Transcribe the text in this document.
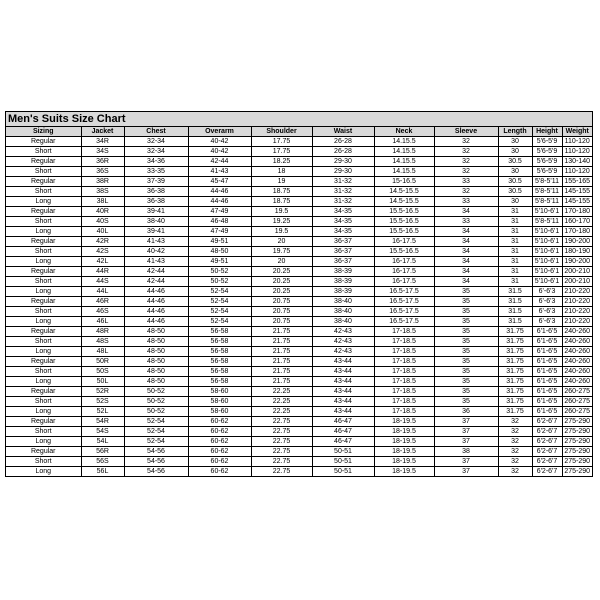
Men's Suits Size Chart
Sizing	Jacket	Chest	Overarm	Shoulder	Waist	Neck	Sleeve	Length	Height	Weight
Regular	34R	32-34	40-42	17.75	26-28	14.15.5	32	30	5'6-5'9	110-120
Short	34S	32-34	40-42	17.75	26-28	14.15.5	32	30	5'6-5'9	110-120
Regular	36R	34-36	42-44	18.25	29-30	14.15.5	32	30.5	5'6-5'9	130-140
Short	36S	33-35	41-43	18	29-30	14.15.5	32	30	5'6-5'9	110-120
Regular	38R	37-39	45-47	19	31-32	15-16.5	33	30.5	5'8-5'11	155-165
Short	38S	36-38	44-46	18.75	31-32	14.5-15.5	32	30.5	5'8-5'11	145-155
Long	38L	36-38	44-46	18.75	31-32	14.5-15.5	33	30	5'8-5'11	145-155
Regular	40R	39-41	47-49	19.5	34-35	15.5-16.5	34	31	5'10-6'1	170-180
Short	40S	38-40	46-48	19.25	34-35	15.5-16.5	33	31	5'8-5'11	160-170
Long	40L	39-41	47-49	19.5	34-35	15.5-16.5	34	31	5'10-6'1	170-180
Regular	42R	41-43	49-51	20	36-37	16-17.5	34	31	5'10-6'1	190-200
Short	42S	40-42	48-50	19.75	36-37	15.5-16.5	34	31	5'10-6'1	180-190
Long	42L	41-43	49-51	20	36-37	16-17.5	34	31	5'10-6'1	190-200
Regular	44R	42-44	50-52	20.25	38-39	16-17.5	34	31	5'10-6'1	200-210
Short	44S	42-44	50-52	20.25	38-39	16-17.5	34	31	5'10-6'1	200-210
Long	44L	44-46	52-54	20.25	38-39	16.5-17.5	35	31.5	6'-6'3	210-220
Regular	46R	44-46	52-54	20.75	38-40	16.5-17.5	35	31.5	6'-6'3	210-220
Short	46S	44-46	52-54	20.75	38-40	16.5-17.5	35	31.5	6'-6'3	210-220
Long	46L	44-46	52-54	20.75	38-40	16.5-17.5	35	31.5	6'-6'3	210-220
Regular	48R	48-50	56-58	21.75	42-43	17-18.5	35	31.75	6'1-6'5	240-260
Short	48S	48-50	56-58	21.75	42-43	17-18.5	35	31.75	6'1-6'5	240-260
Long	48L	48-50	56-58	21.75	42-43	17-18.5	35	31.75	6'1-6'5	240-260
Regular	50R	48-50	56-58	21.75	43-44	17-18.5	35	31.75	6'1-6'5	240-260
Short	50S	48-50	56-58	21.75	43-44	17-18.5	35	31.75	6'1-6'5	240-260
Long	50L	48-50	56-58	21.75	43-44	17-18.5	35	31.75	6'1-6'5	240-260
Regular	52R	50-52	58-60	22.25	43-44	17-18.5	35	31.75	6'1-6'5	260-275
Short	52S	50-52	58-60	22.25	43-44	17-18.5	35	31.75	6'1-6'5	260-275
Long	52L	50-52	58-60	22.25	43-44	17-18.5	36	31.75	6'1-6'5	260-275
Regular	54R	52-54	60-62	22.75	46-47	18-19.5	37	32	6'2-6'7	275-290
Short	54S	52-54	60-62	22.75	46-47	18-19.5	37	32	6'2-6'7	275-290
Long	54L	52-54	60-62	22.75	46-47	18-19.5	37	32	6'2-6'7	275-290
Regular	56R	54-56	60-62	22.75	50-51	18-19.5	38	32	6'2-6'7	275-290
Short	56S	54-56	60-62	22.75	50-51	18-19.5	37	32	6'2-6'7	275-290
Long	56L	54-56	60-62	22.75	50-51	18-19.5	37	32	6'2-6'7	275-290
